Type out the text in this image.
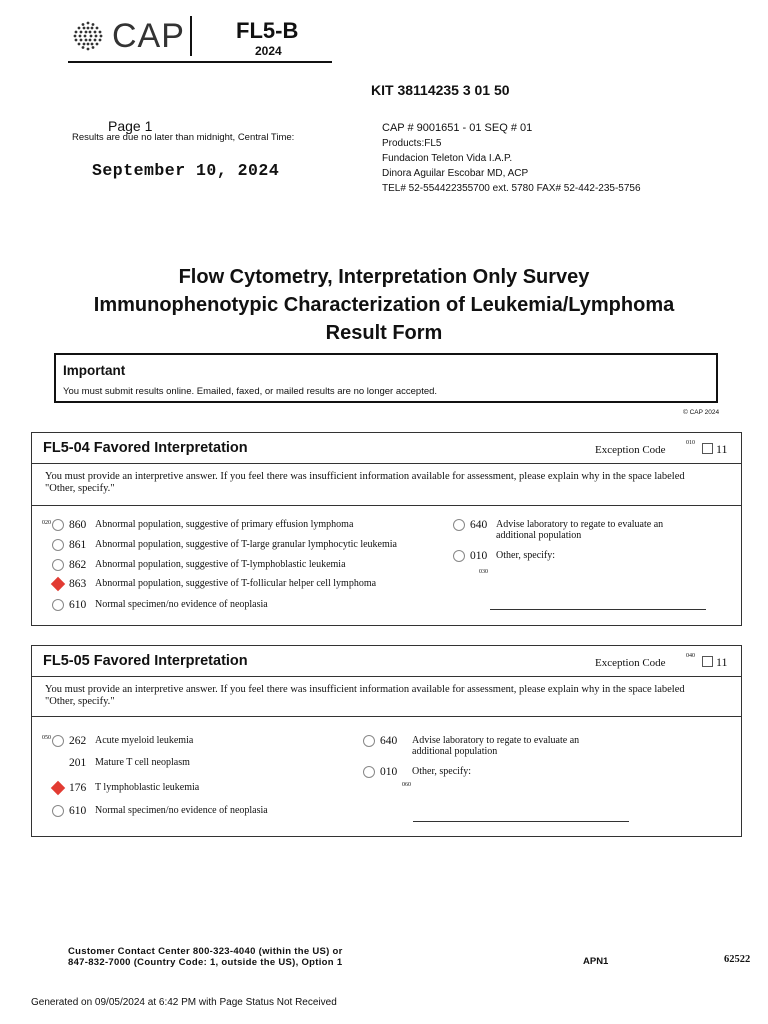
CAP FL5-B
2024
KIT 38114235 3 01 50
Page 1
Results are due no later than midnight, Central Time:
September 10, 2024
CAP # 9001651 - 01 SEQ # 01
Products:FL5
Fundacion Teleton Vida I.A.P.
Dinora Aguilar Escobar MD, ACP
TEL# 52-554422355700 ext. 5780 FAX# 52-442-235-5756
Flow Cytometry, Interpretation Only Survey
Immunophenotypic Characterization of Leukemia/Lymphoma
Result Form
Important
You must submit results online. Emailed, faxed, or mailed results are no longer accepted.
© CAP 2024
FL5-04 Favored Interpretation	Exception Code
010 11
You must provide an interpretive answer. If you feel there was insufficient information available for assessment, please explain why in the space labeled "Other, specify."
020 860 Abnormal population, suggestive of primary effusion lymphoma
861 Abnormal population, suggestive of T-large granular lymphocytic leukemia
862 Abnormal population, suggestive of T-lymphoblastic leukemia
863 Abnormal population, suggestive of T-follicular helper cell lymphoma
610 Normal specimen/no evidence of neoplasia
640 Advise laboratory to regate to evaluate an additional population
010 Other, specify:
030
FL5-05 Favored Interpretation	Exception Code
040 11
You must provide an interpretive answer. If you feel there was insufficient information available for assessment, please explain why in the space labeled "Other, specify."
050 262 Acute myeloid leukemia
201 Mature T cell neoplasm
176 T lymphoblastic leukemia
610 Normal specimen/no evidence of neoplasia
640	Advise laboratory to regate to evaluate an additional population
010	Other, specify:
060
Customer Contact Center 800-323-4040 (within the US) or
847-832-7000 (Country Code: 1, outside the US), Option 1	APN1	62522
Generated on 09/05/2024 at 6:42 PM with Page Status Not Received
